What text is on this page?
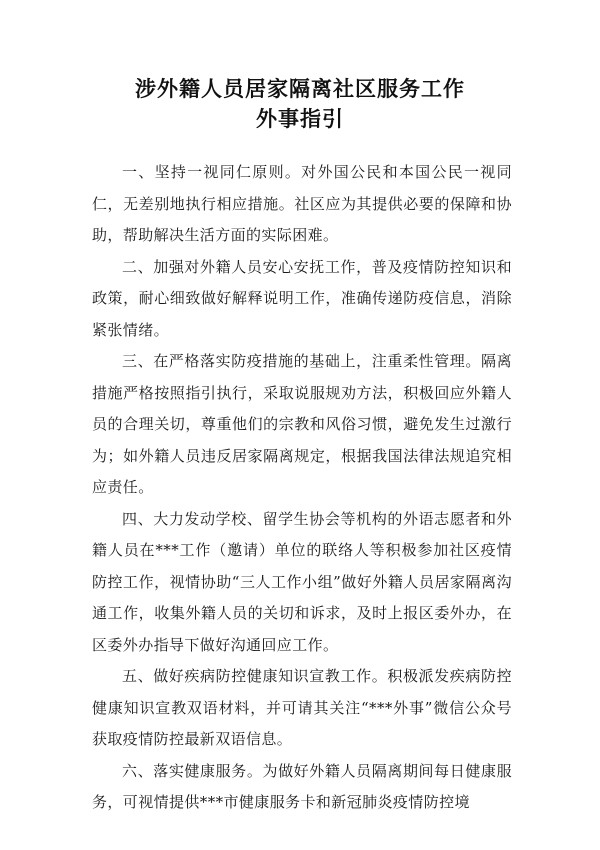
涉外籍人员居家隔离社区服务工作
外事指引

一、坚持一视同仁原则。对外国公民和本国公民一视同仁，无差别地执行相应措施。社区应为其提供必要的保障和协助，帮助解决生活方面的实际困难。

二、加强对外籍人员安心安抚工作，普及疫情防控知识和政策，耐心细致做好解释说明工作，准确传递防疫信息，消除紧张情绪。

三、在严格落实防疫措施的基础上，注重柔性管理。隔离措施严格按照指引执行，采取说服规劝方法，积极回应外籍人员的合理关切，尊重他们的宗教和风俗习惯，避免发生过激行为；如外籍人员违反居家隔离规定，根据我国法律法规追究相应责任。

四、大力发动学校、留学生协会等机构的外语志愿者和外籍人员在***工作（邀请）单位的联络人等积极参加社区疫情防控工作，视情协助“三人工作小组”做好外籍人员居家隔离沟通工作，收集外籍人员的关切和诉求，及时上报区委外办，在区委外办指导下做好沟通回应工作。

五、做好疾病防控健康知识宣教工作。积极派发疾病防控健康知识宣教双语材料，并可请其关注“***外事”微信公众号获取疫情防控最新双语信息。

六、落实健康服务。为做好外籍人员隔离期间每日健康服务，可视情提供***市健康服务卡和新冠肺炎疫情防控境
